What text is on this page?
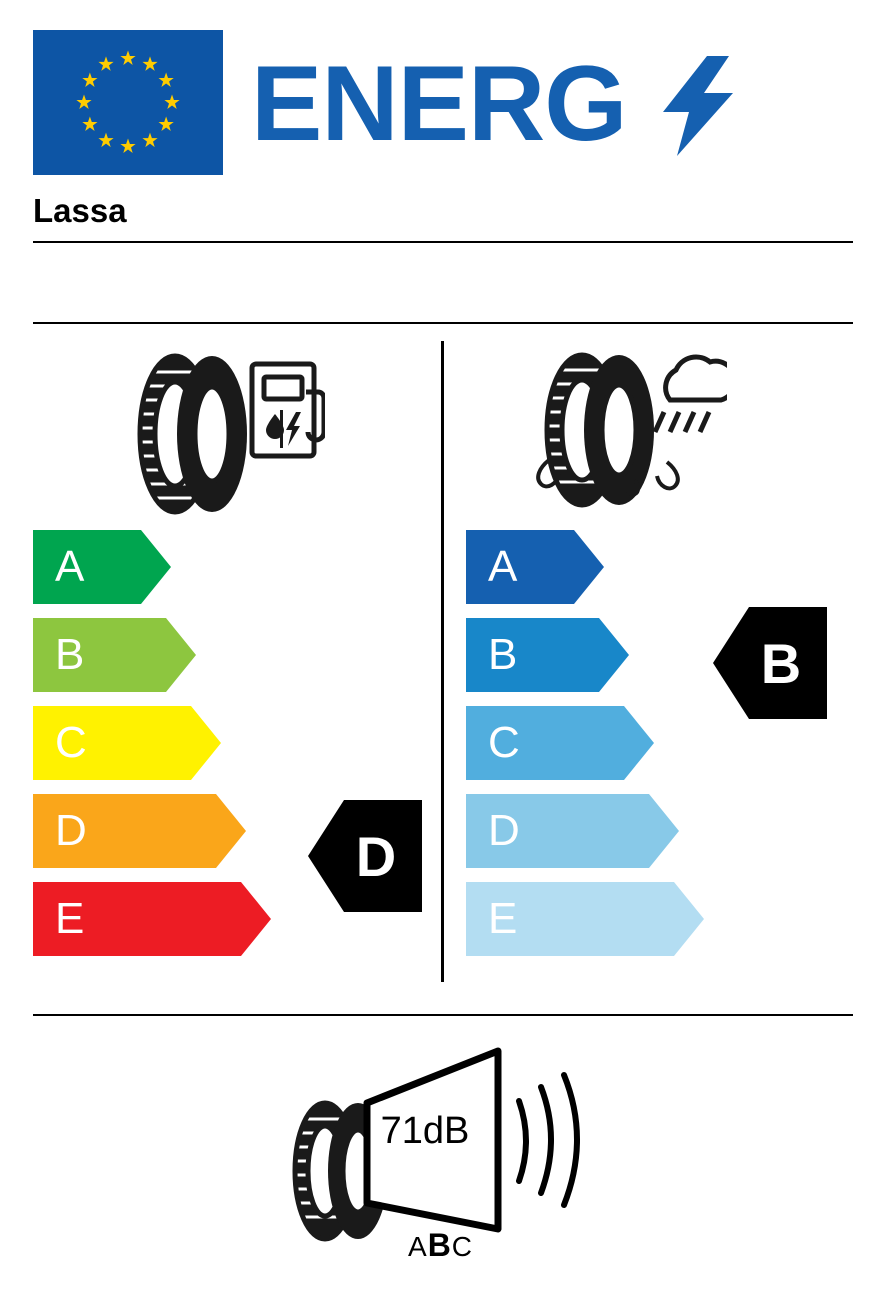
ENERG
Lassa
A
B
C
D
E
A
B
C
D
E
D
B
71dB
ABC
